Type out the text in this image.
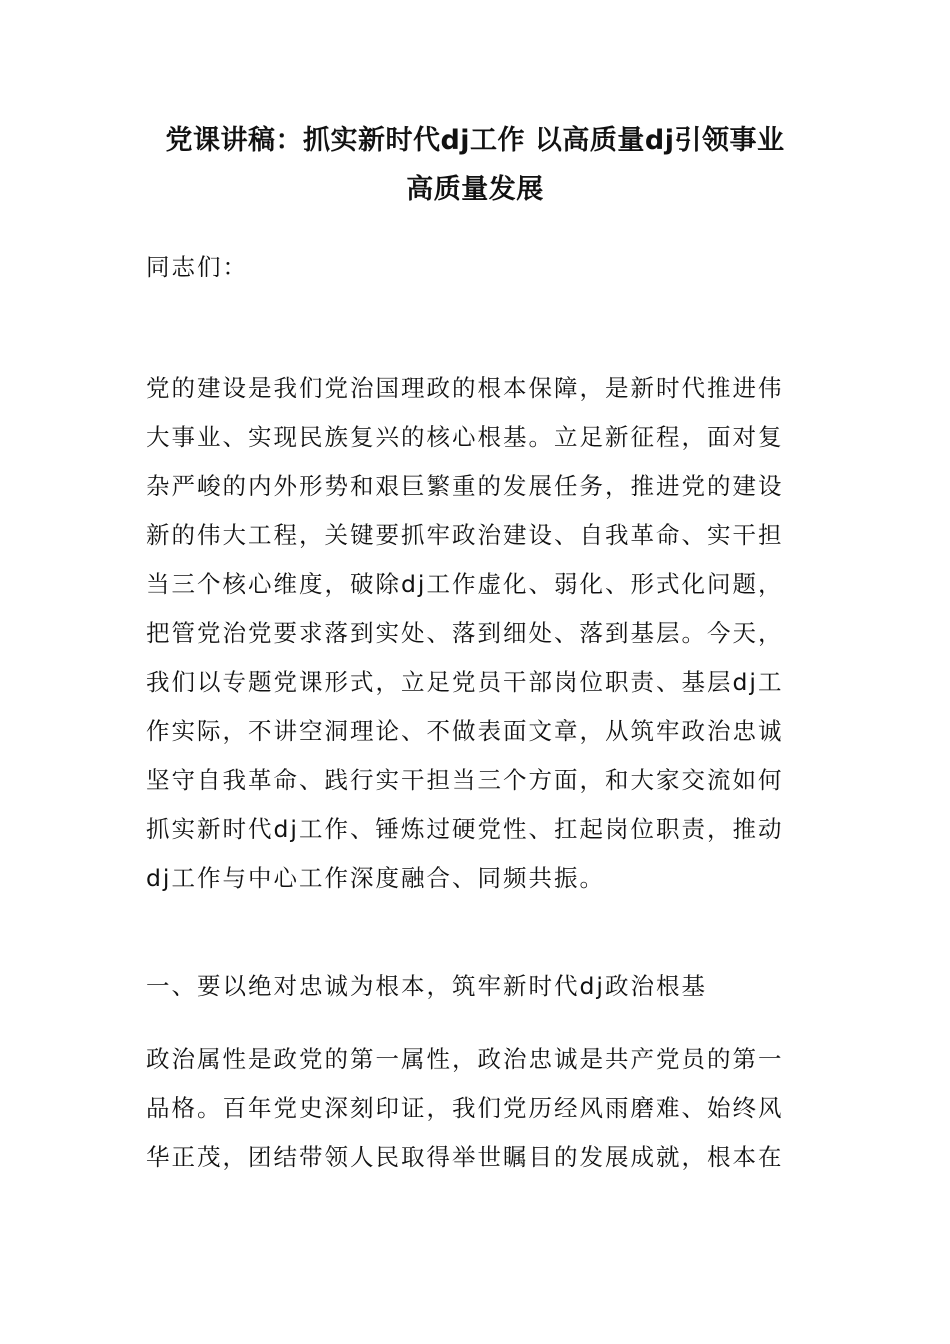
党课讲稿：抓实新时代dj工作 以高质量dj引领事业
高质量发展

同志们：

党的建设是我们党治国理政的根本保障，是新时代推进伟
大事业、实现民族复兴的核心根基。立足新征程，面对复
杂严峻的内外形势和艰巨繁重的发展任务，推进党的建设
新的伟大工程，关键要抓牢政治建设、自我革命、实干担
当三个核心维度，破除dj工作虚化、弱化、形式化问题，
把管党治党要求落到实处、落到细处、落到基层。今天，
我们以专题党课形式，立足党员干部岗位职责、基层dj工
作实际，不讲空洞理论、不做表面文章，从筑牢政治忠诚
坚守自我革命、践行实干担当三个方面，和大家交流如何
抓实新时代dj工作、锤炼过硬党性、扛起岗位职责，推动
dj工作与中心工作深度融合、同频共振。

一、要以绝对忠诚为根本，筑牢新时代dj政治根基

政治属性是政党的第一属性，政治忠诚是共产党员的第一
品格。百年党史深刻印证，我们党历经风雨磨难、始终风
华正茂，团结带领人民取得举世瞩目的发展成就，根本在
